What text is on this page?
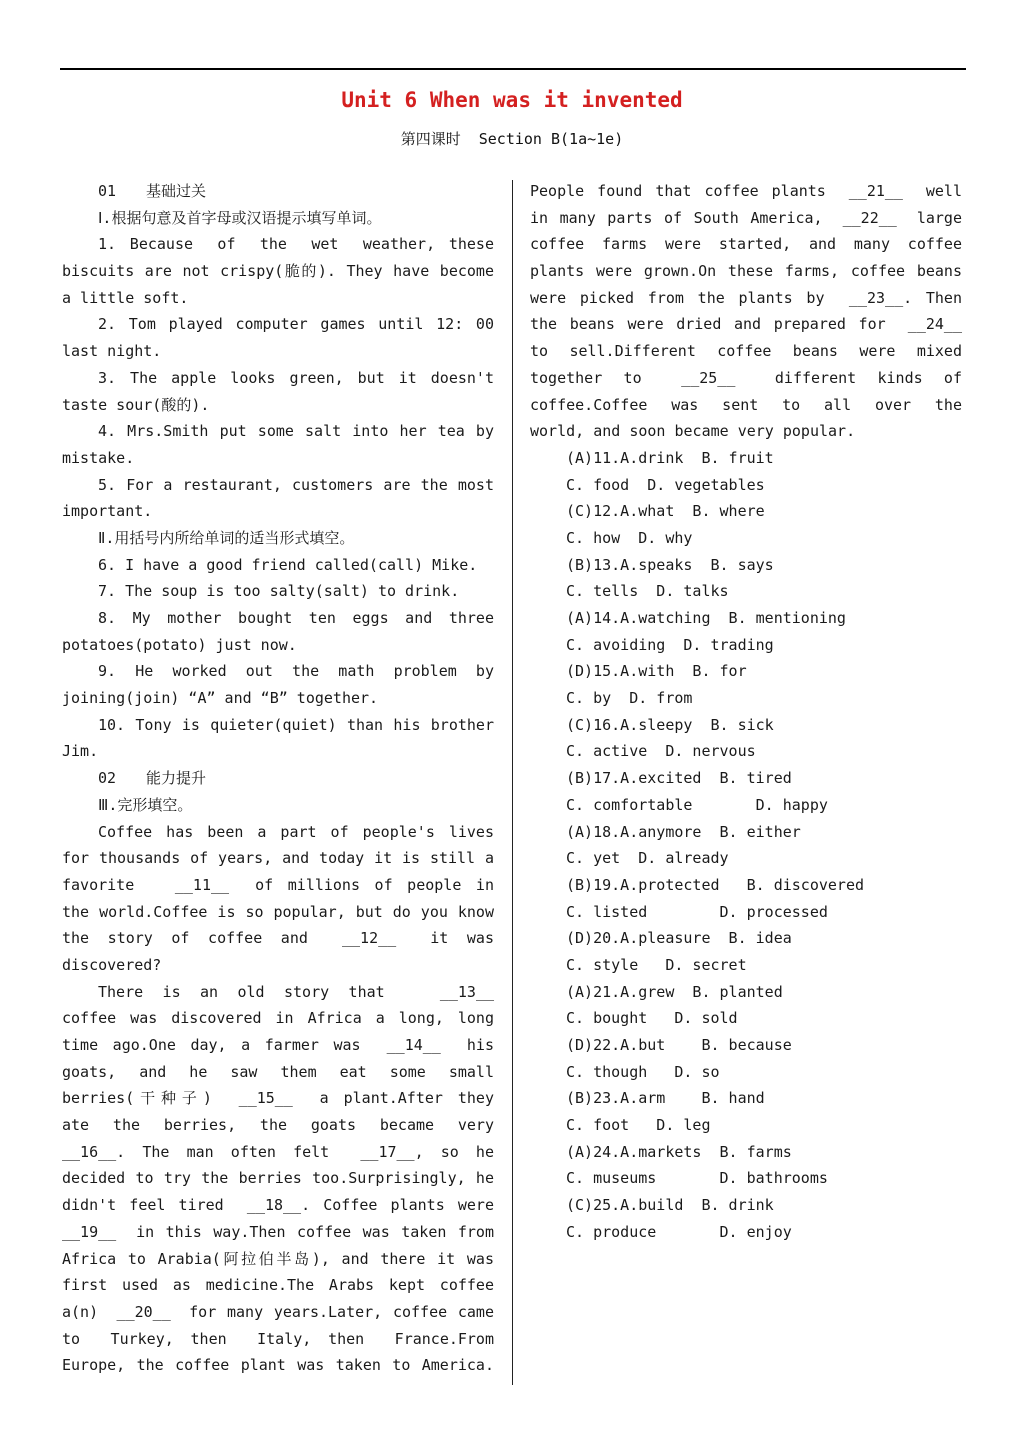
Unit 6 When was it invented
第四课时 Section B(1a~1e)
01　　基础过关
Ⅰ.根据句意及首字母或汉语提示填写单词。
1. Because　of　the　wet　weather, these
biscuits are not crispy(脆的). They have become
a little soft.
2. Tom played computer games until 12: 00
last night.
3. The apple looks green, but it doesn't
taste sour(酸的).
4. Mrs.Smith put some salt into her tea by
mistake.
5. For a restaurant, customers are the most
important.
Ⅱ.用括号内所给单词的适当形式填空。
6. I have a good friend called(call) Mike.
7. The soup is too salty(salt) to drink.
8. My mother bought ten eggs and three
potatoes(potato) just now.
9. He worked out the math problem by
joining(join) “A” and “B” together.
10. Tony is quieter(quiet) than his brother
Jim.
02　　能力提升
Ⅲ.完形填空。
Coffee has been a part of people's lives
for thousands of years, and today it is still a
favorite　 __11__　of millions of people in
the world.Coffee is so popular, but do you know
the story of coffee and　__12__　it was
discovered?
There is an old story that　 __13__
coffee was discovered in Africa a long, long
time ago.One day, a farmer was　__14__　his
goats, and he saw them eat some small
berries(干种子)　__15__　a plant.After they
ate the berries, the goats became very
__16__. The man often felt　__17__, so he
decided to try the berries too.Surprisingly, he
didn't feel tired　__18__. Coffee plants were
__19__　in this way.Then coffee was taken from
Africa to Arabia(阿拉伯半岛), and there it was
first used as medicine.The Arabs kept coffee
a(n)　__20__　for many years.Later, coffee came
to　Turkey, then　Italy, then　France.From
Europe, the coffee plant was taken to America.
People found that coffee plants　__21__　well
in many parts of South America,　__22__　large
coffee farms were started, and many coffee
plants were grown.On these farms, coffee beans
were picked from the plants by　__23__. Then
the beans were dried and prepared for　__24__
to sell.Different coffee beans were mixed
together to　__25__　different kinds of
coffee.Coffee was sent to all over the
world, and soon became very popular.
(A)11.A.drink  B. fruit
C. food  D. vegetables
(C)12.A.what  B. where
C. how  D. why
(B)13.A.speaks  B. says
C. tells  D. talks
(A)14.A.watching  B. mentioning
C. avoiding  D. trading
(D)15.A.with  B. for
C. by  D. from
(C)16.A.sleepy  B. sick
C. active  D. nervous
(B)17.A.excited  B. tired
C. comfortable       D. happy
(A)18.A.anymore  B. either
C. yet  D. already
(B)19.A.protected   B. discovered
C. listed        D. processed
(D)20.A.pleasure  B. idea
C. style   D. secret
(A)21.A.grew  B. planted
C. bought   D. sold
(D)22.A.but    B. because
C. though   D. so
(B)23.A.arm    B. hand
C. foot   D. leg
(A)24.A.markets  B. farms
C. museums       D. bathrooms
(C)25.A.build  B. drink
C. produce       D. enjoy
